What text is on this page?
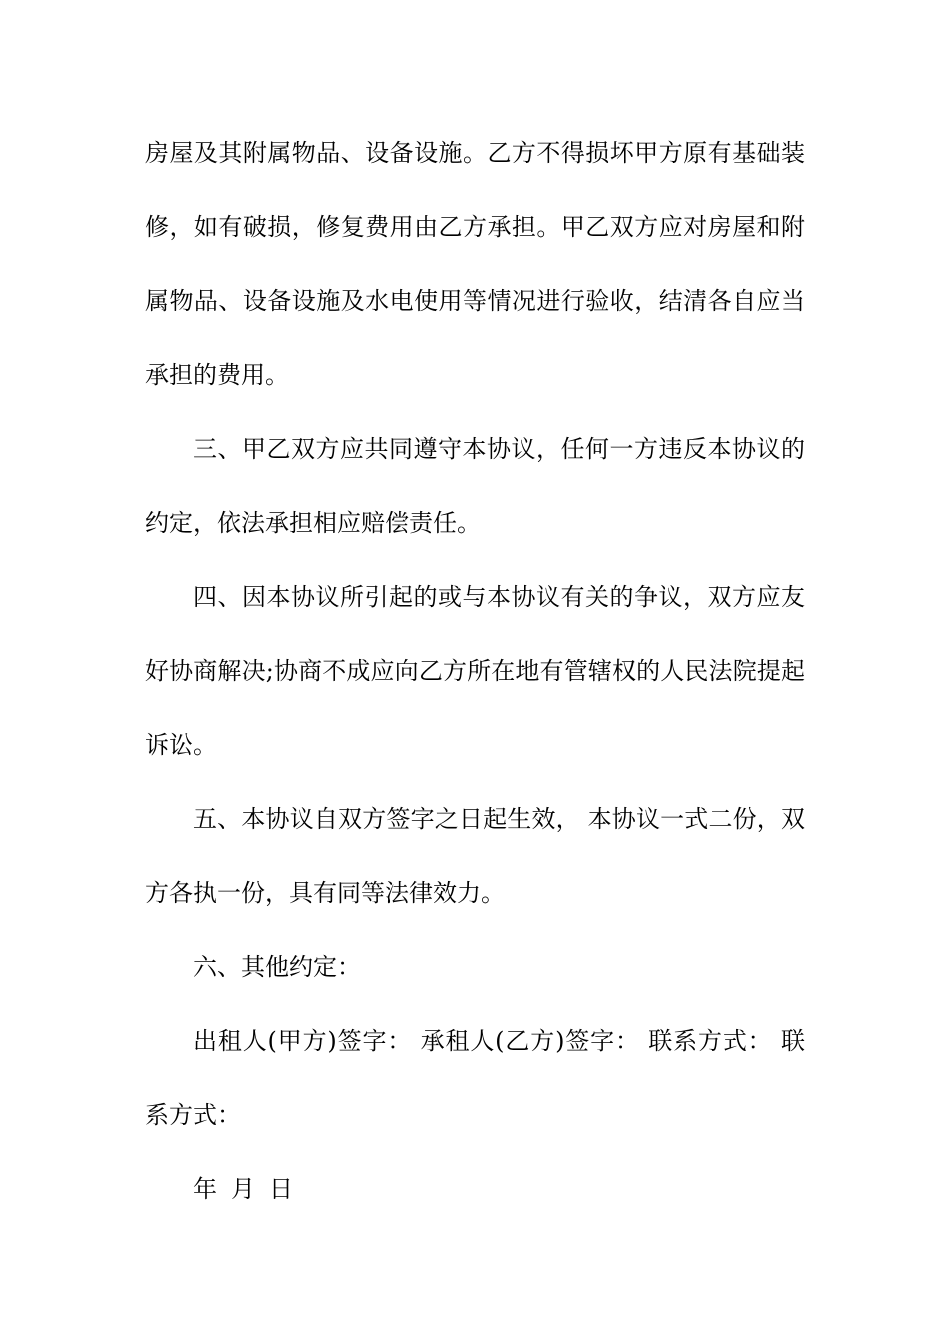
房屋及其附属物品、设备设施。乙方不得损坏甲方原有基础装修，如有破损，修复费用由乙方承担。甲乙双方应对房屋和附属物品、设备设施及水电使用等情况进行验收，结清各自应当承担的费用。

三、甲乙双方应共同遵守本协议，任何一方违反本协议的约定，依法承担相应赔偿责任。

四、因本协议所引起的或与本协议有关的争议，双方应友好协商解决;协商不成应向乙方所在地有管辖权的人民法院提起诉讼。

五、本协议自双方签字之日起生效， 本协议一式二份，双方各执一份，具有同等法律效力。

六、其他约定：

出租人(甲方)签字： 承租人(乙方)签字： 联系方式： 联系方式：

年 月 日
